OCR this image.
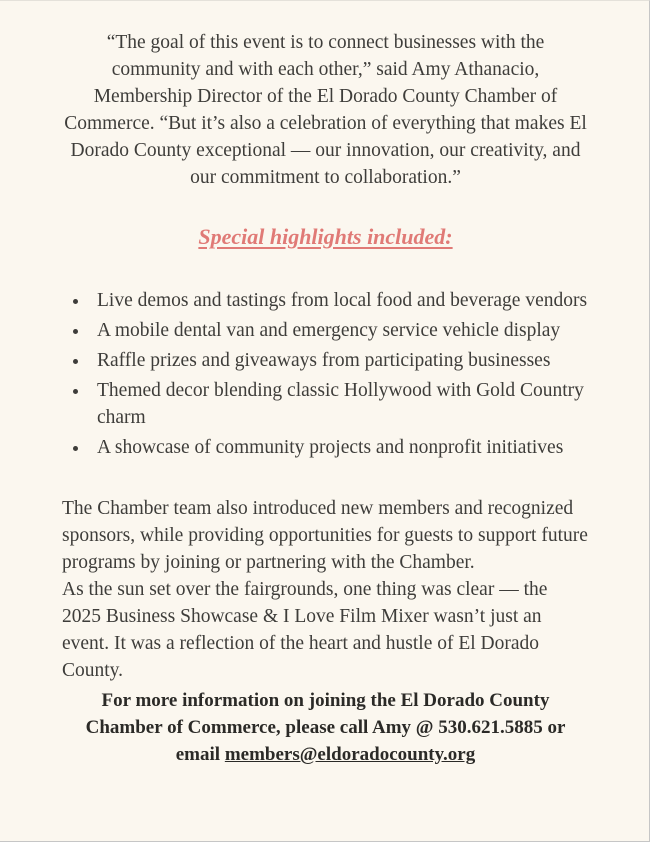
“The goal of this event is to connect businesses with the community and with each other,” said Amy Athanacio, Membership Director of the El Dorado County Chamber of Commerce. “But it’s also a celebration of everything that makes El Dorado County exceptional — our innovation, our creativity, and our commitment to collaboration.”

Special highlights included:
• Live demos and tastings from local food and beverage vendors
• A mobile dental van and emergency service vehicle display
• Raffle prizes and giveaways from participating businesses
• Themed decor blending classic Hollywood with Gold Country charm
• A showcase of community projects and nonprofit initiatives

The Chamber team also introduced new members and recognized sponsors, while providing opportunities for guests to support future programs by joining or partnering with the Chamber.

As the sun set over the fairgrounds, one thing was clear — the 2025 Business Showcase & I Love Film Mixer wasn’t just an event. It was a reflection of the heart and hustle of El Dorado County.

For more information on joining the El Dorado County Chamber of Commerce, please call Amy @ 530.621.5885 or email members@eldoradocounty.org
